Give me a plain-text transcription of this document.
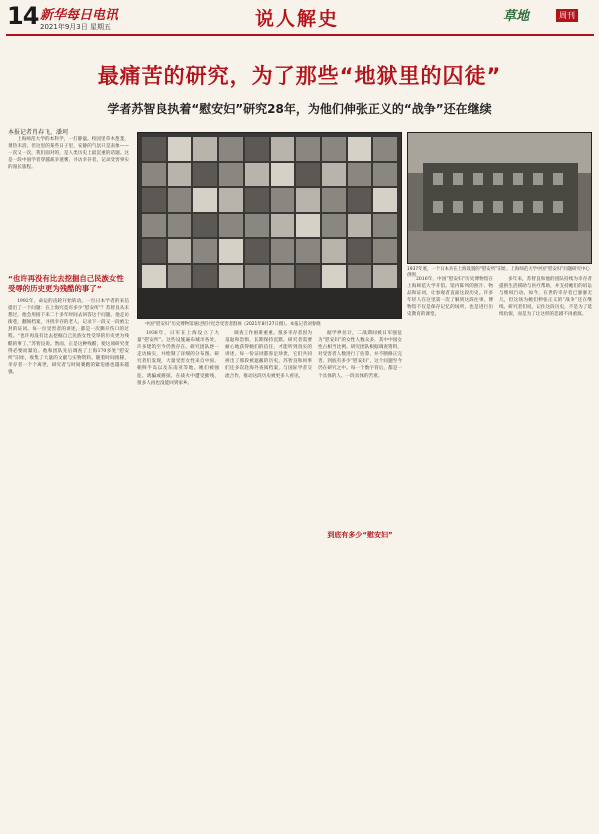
14 新华每日电讯
2021年9月3日 星期五	说人解史	草地	周刊
最痛苦的研究，为了那些“地狱里的囚徒”
学者苏智良执着“慰安妇”研究28年，为他们伸张正义的“战争”还在继续
本报记者肖春飞、潘珂

上海师范大学的本科学，一打静谧。校园里草木葱茏，暑热未消。但这里的某些日子里，安静的气氛只是表象——一次又一次，我们面对的，是人类历史上最沉重的话题。这是一段中国学者穿越战争迷雾，寻访幸存者、记录受害事实的漫长旅程。

“也许再没有比去挖掘自己民族女性受辱的历史更为残酷的事了”

1992年，命运的齿轮开始转动。一位日本学者的来信提出了一个问题：在上海究竟有多少“慰安所”？苏智良从未想过，他会用接下来二十多年时间去回答这个问题。他走访街巷，翻阅档案，寻找幸存的老人，记录下一段又一段被尘封的证词。每一位受害者的讲述，都是一次撕开伤口的过程。“也许再没有比去挖掘自己民族女性受辱的历史更为残酷的事了。”苏智良说。然而，正是这种残酷，使这项研究变得必要而紧迫。他和团队先后调查了上海170多处“慰安所”旧址，收集了大量的文献与实物资料。随着时间推移，幸存者一个个离世，研究者与时间赛跑的紧迫感也越来越强。

中国“慰安妇”历史博物馆通过照片纪念受害者群体（2021年8月27日摄）。本报记者刘春晓
1937年底，一个日本兵在上海设置的“慰安所”旧址。上海师范大学中国“慰安妇”问题研究中心供图

1938年，日军在上海设立了大量“慰安所”。这些设施遍布城市各处，许多建筑至今仍然存在。研究团队逐一走访核实，并绘制了详细的分布图。研究者们发现，大量受害女性来自中国、朝鲜半岛以及东南亚等地。她们被强征、诱骗或掳掠，在战火中遭受摧残，很多人再也没能回到家乡。

调查工作困难重重。很多幸存者因为羞耻和恐惧，长期保持沉默。研究者需要耐心地获得她们的信任，才能听到真实的讲述。每一份证词都弥足珍贵，它们共同拼出了那段被遮蔽的历史。苏智良和同事们还多次赴海外查阅档案，与国际学者交流合作，推动这段历史被更多人看见。

据学界估计，二战期间被日军强征为“慰安妇”的女性人数众多，其中中国女性占相当比例。研究团队根据调查资料，对受害者人数进行了估算，并不断修正完善。到底有多少“慰安妇”，这个问题至今仍在研究之中。每一个数字背后，都是一个具体的人、一段具体的苦难。

到底有多少“慰安妇”

2016年，中国“慰安妇”历史博物馆在上海师范大学开馆。馆内陈列的照片、物品和证词，让参观者直面这段历史。许多年轻人在这里第一次了解到这段往事。博物馆不仅是保存记忆的场所，也是进行历史教育的课堂。

多年来，苏智良和他的团队持续为幸存者提供生活援助与医疗帮助，并支持她们的诉讼与维权行动。如今，在世的幸存者已寥寥无几，但这场为她们伸张正义的“战争”还在继续。研究者们说，记住这段历史，不是为了延续仇恨，而是为了让这样的悲剧不再重演。
